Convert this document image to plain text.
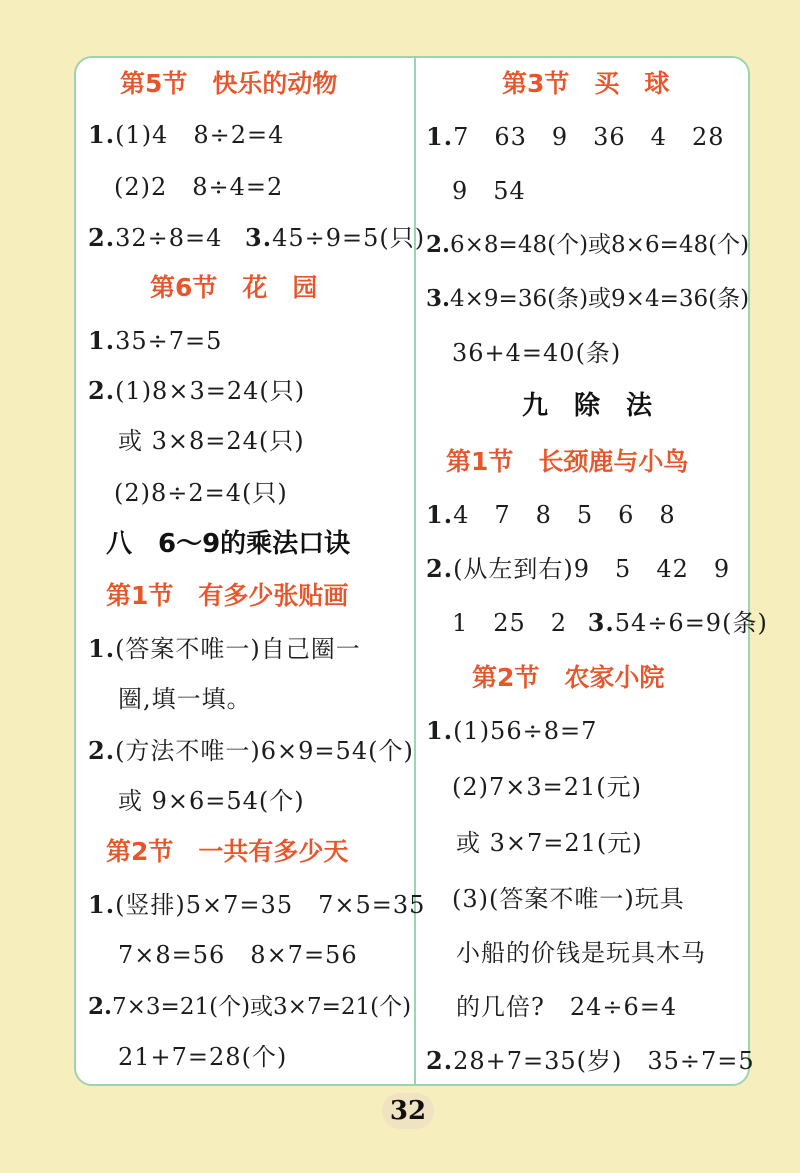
第5节　快乐的动物
1.(1)4　8÷2=4
(2)2　8÷4=2
2.32÷8=4 3.45÷9=5(只)
第6节　花　园
1.35÷7=5
2.(1)8×3=24(只)
或 3×8=24(只)
(2)8÷2=4(只)
八　6～9的乘法口诀
第1节　有多少张贴画
1.(答案不唯一)自己圈一
圈,填一填。
2.(方法不唯一)6×9=54(个)
或 9×6=54(个)
第2节　一共有多少天
1.(竖排)5×7=35　7×5=35
7×8=56　8×7=56
2.7×3=21(个)或3×7=21(个)
21+7=28(个)
第3节　买　球
1.7　63　9　36　4　28
9　54
2.6×8=48(个)或8×6=48(个)
3.4×9=36(条)或9×4=36(条)
36+4=40(条)
九　除　法
第1节　长颈鹿与小鸟
1.4　7　8　5　6　8
2.(从左到右)9　5　42　9
1　25　2 3.54÷6=9(条)
第2节　农家小院
1.(1)56÷8=7
(2)7×3=21(元)
或 3×7=21(元)
(3)(答案不唯一)玩具
小船的价钱是玩具木马
的几倍?　24÷6=4
2.28+7=35(岁)　35÷7=5
32
